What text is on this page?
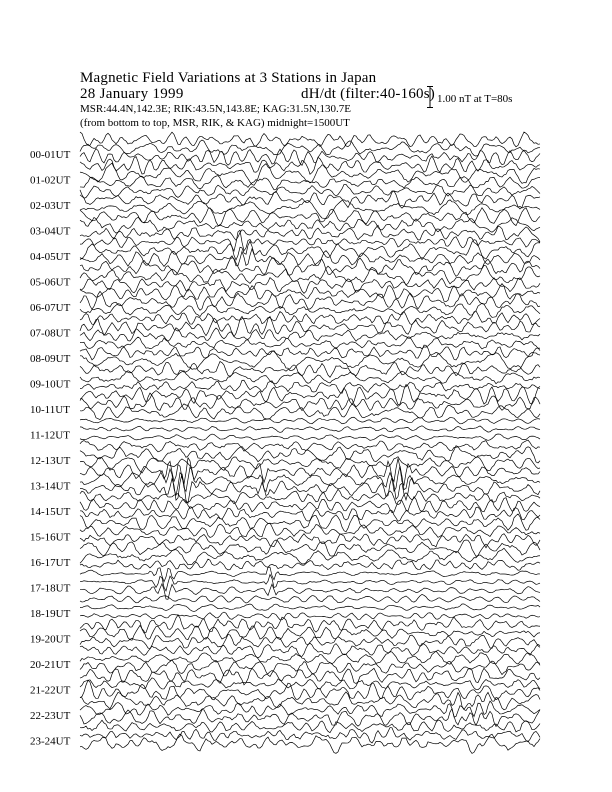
Magnetic Field Variations at 3 Stations in Japan
28 January 1999	dH/dt (filter:40-160s)
MSR:44.4N,142.3E; RIK:43.5N,143.8E; KAG:31.5N,130.7E
(from bottom to top, MSR, RIK, & KAG) midnight=1500UT
1.00 nT at T=80s
00-01UT
01-02UT
02-03UT
03-04UT
04-05UT
05-06UT
06-07UT
07-08UT
08-09UT
09-10UT
10-11UT
11-12UT
12-13UT
13-14UT
14-15UT
15-16UT
16-17UT
17-18UT
18-19UT
19-20UT
20-21UT
21-22UT
22-23UT
23-24UT
